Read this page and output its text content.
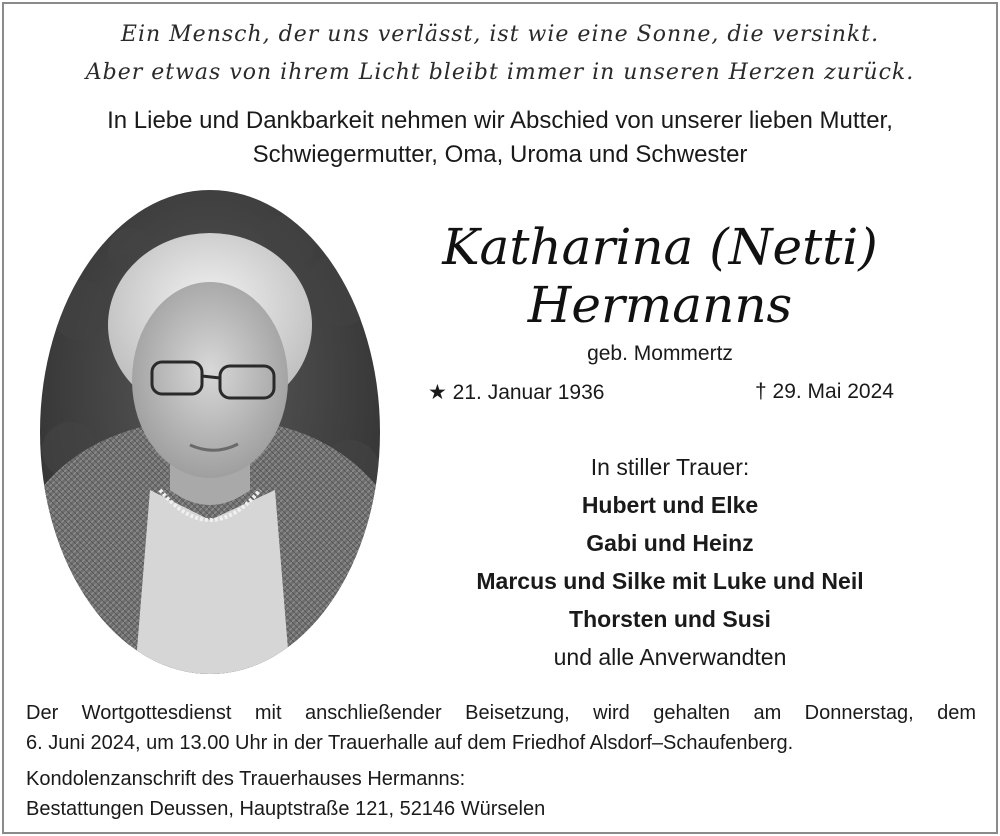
Ein Mensch, der uns verlässt, ist wie eine Sonne, die versinkt.
Aber etwas von ihrem Licht bleibt immer in unseren Herzen zurück.
In Liebe und Dankbarkeit nehmen wir Abschied von unserer lieben Mutter,
Schwiegermutter, Oma, Uroma und Schwester
Katharina (Netti)
Hermanns
geb. Mommertz
★ 21. Januar 1936	† 29. Mai 2024
In stiller Trauer:
Hubert und Elke
Gabi und Heinz
Marcus und Silke mit Luke und Neil
Thorsten und Susi
und alle Anverwandten
Der Wortgottesdienst mit anschließender Beisetzung, wird gehalten am Donnerstag, dem
6. Juni 2024, um 13.00 Uhr in der Trauerhalle auf dem Friedhof Alsdorf–Schaufenberg.
Kondolenzanschrift des Trauerhauses Hermanns:
Bestattungen Deussen, Hauptstraße 121, 52146 Würselen
